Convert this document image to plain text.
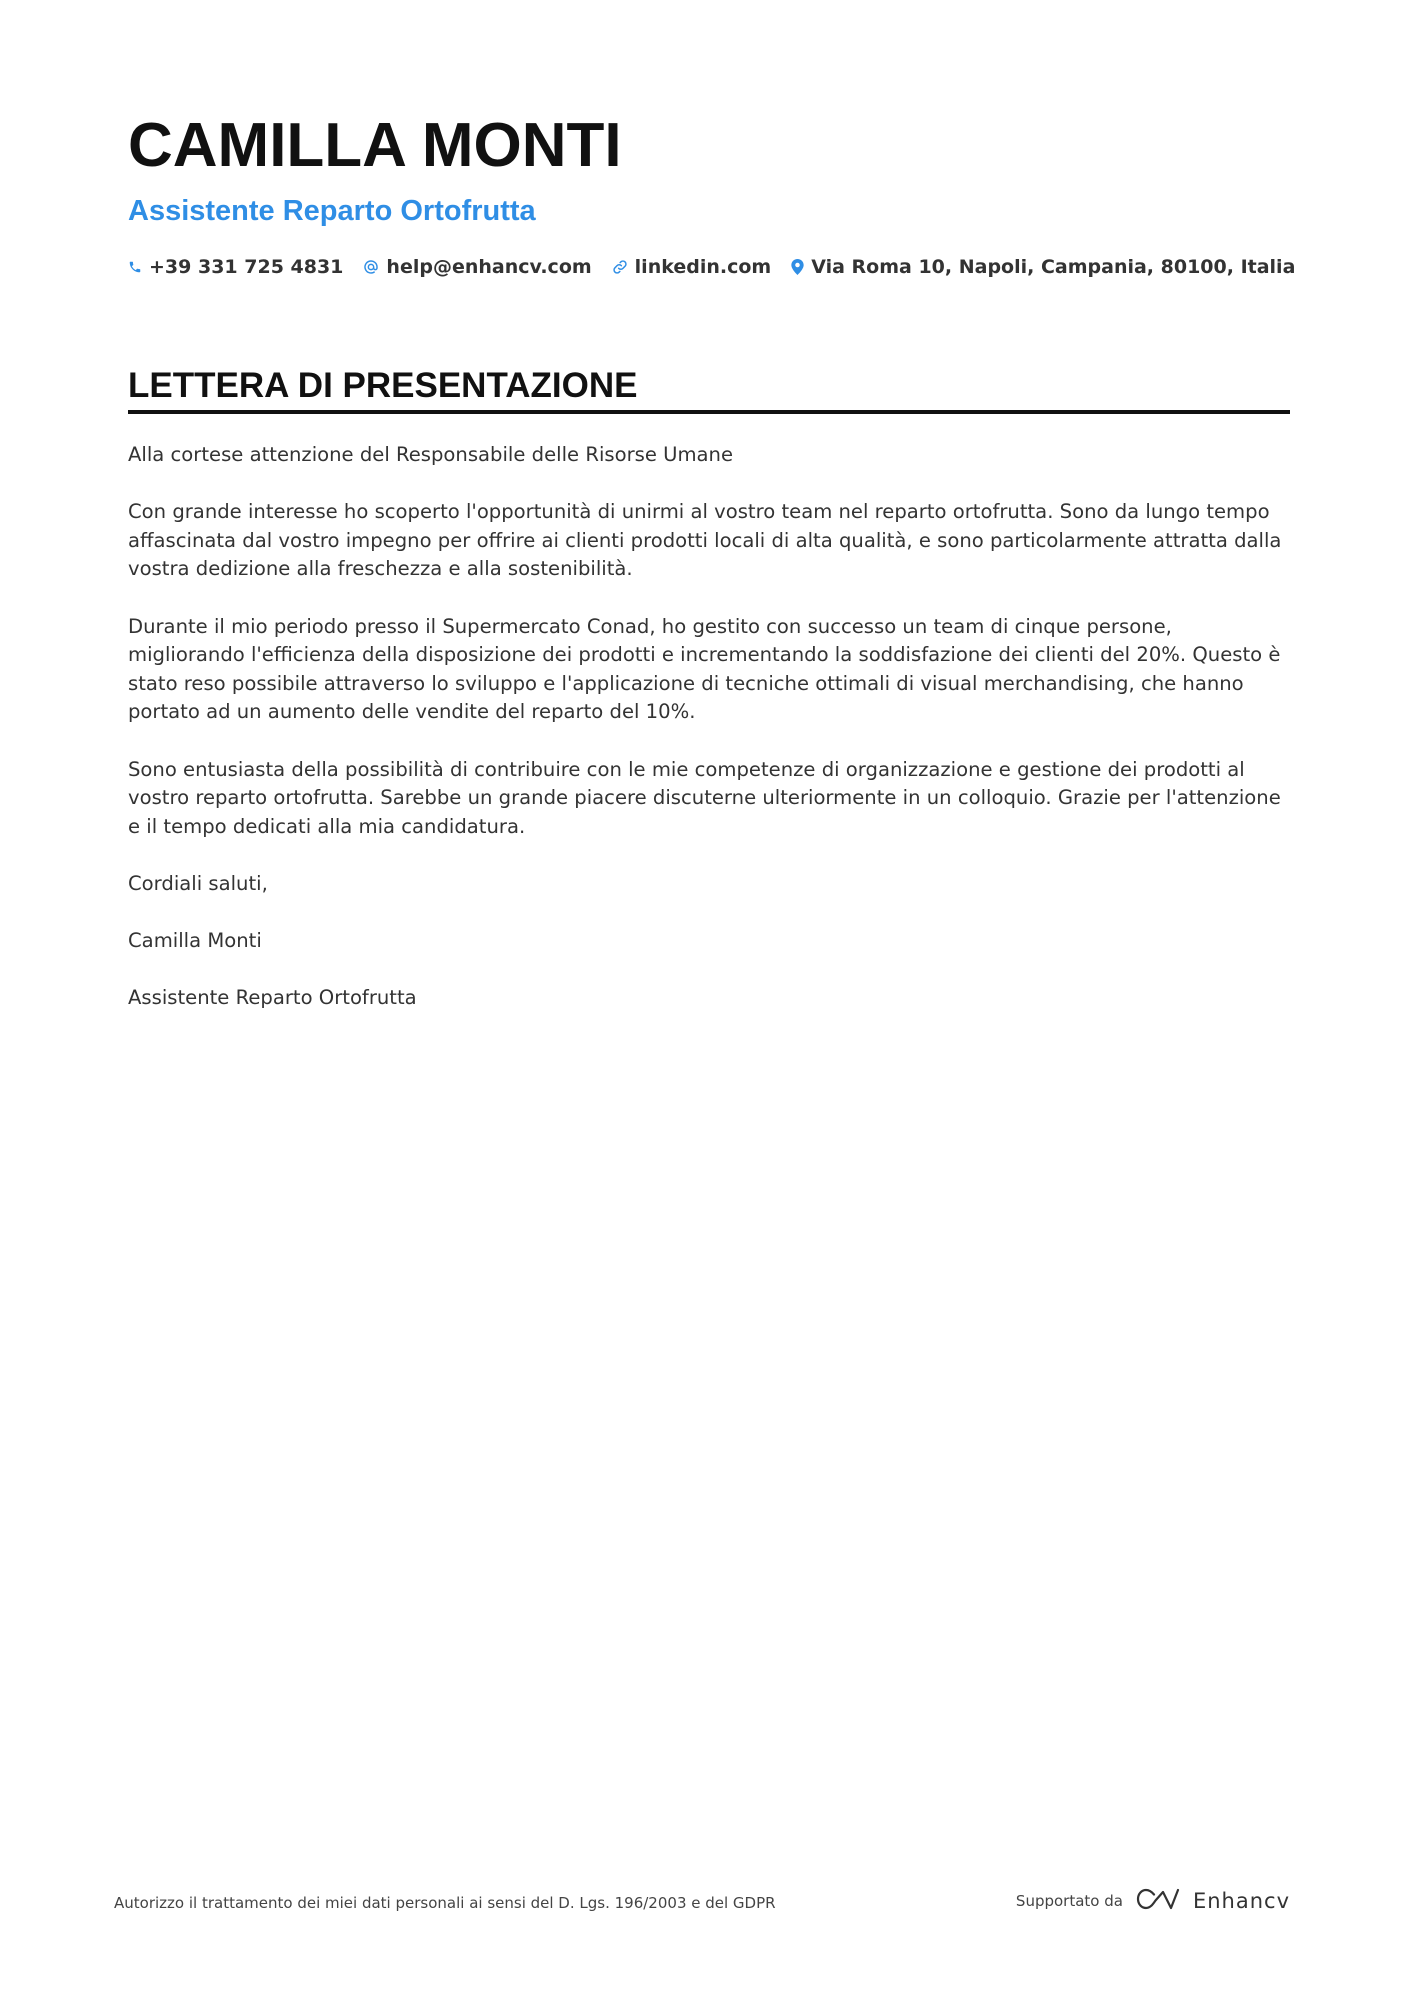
CAMILLA MONTI
Assistente Reparto Ortofrutta
+39 331 725 4831 help@enhancv.com linkedin.com Via Roma 10, Napoli, Campania, 80100, Italia
LETTERA DI PRESENTAZIONE

Alla cortese attenzione del Responsabile delle Risorse Umane

Con grande interesse ho scoperto l'opportunità di unirmi al vostro team nel reparto ortofrutta. Sono da lungo tempo affascinata dal vostro impegno per offrire ai clienti prodotti locali di alta qualità, e sono particolarmente attratta dalla vostra dedizione alla freschezza e alla sostenibilità.

Durante il mio periodo presso il Supermercato Conad, ho gestito con successo un team di cinque persone, migliorando l'efficienza della disposizione dei prodotti e incrementando la soddisfazione dei clienti del 20%. Questo è stato reso possibile attraverso lo sviluppo e l'applicazione di tecniche ottimali di visual merchandising, che hanno portato ad un aumento delle vendite del reparto del 10%.

Sono entusiasta della possibilità di contribuire con le mie competenze di organizzazione e gestione dei prodotti al vostro reparto ortofrutta. Sarebbe un grande piacere discuterne ulteriormente in un colloquio. Grazie per l'attenzione e il tempo dedicati alla mia candidatura.

Cordiali saluti,

Camilla Monti

Assistente Reparto Ortofrutta

Autorizzo il trattamento dei miei dati personali ai sensi del D. Lgs. 196/2003 e del GDPR	Supportato da	Enhancv
